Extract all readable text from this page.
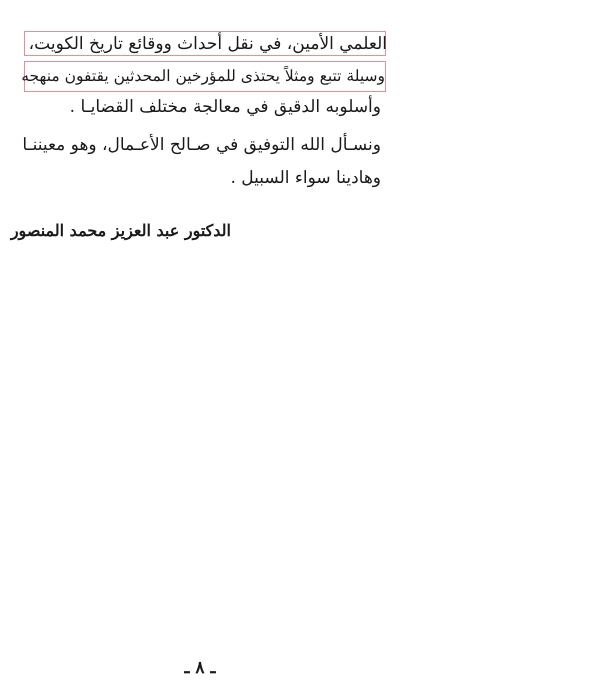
العلمي الأمين، في نقل أحداث ووقائع تاريخ الكويت،
وسيلة تتبع ومثلاً يحتذى للمؤرخين المحدثين يقتفون منهجه
وأسلوبه الدقيق في معالجة مختلف القضايـا .
ونسـأل الله التوفيق في صـالح الأعـمال، وهو معيننـا
وهادينا سواء السبيل .
الدكتور عبد العزيز محمد المنصور
ـ ٨ ـ
